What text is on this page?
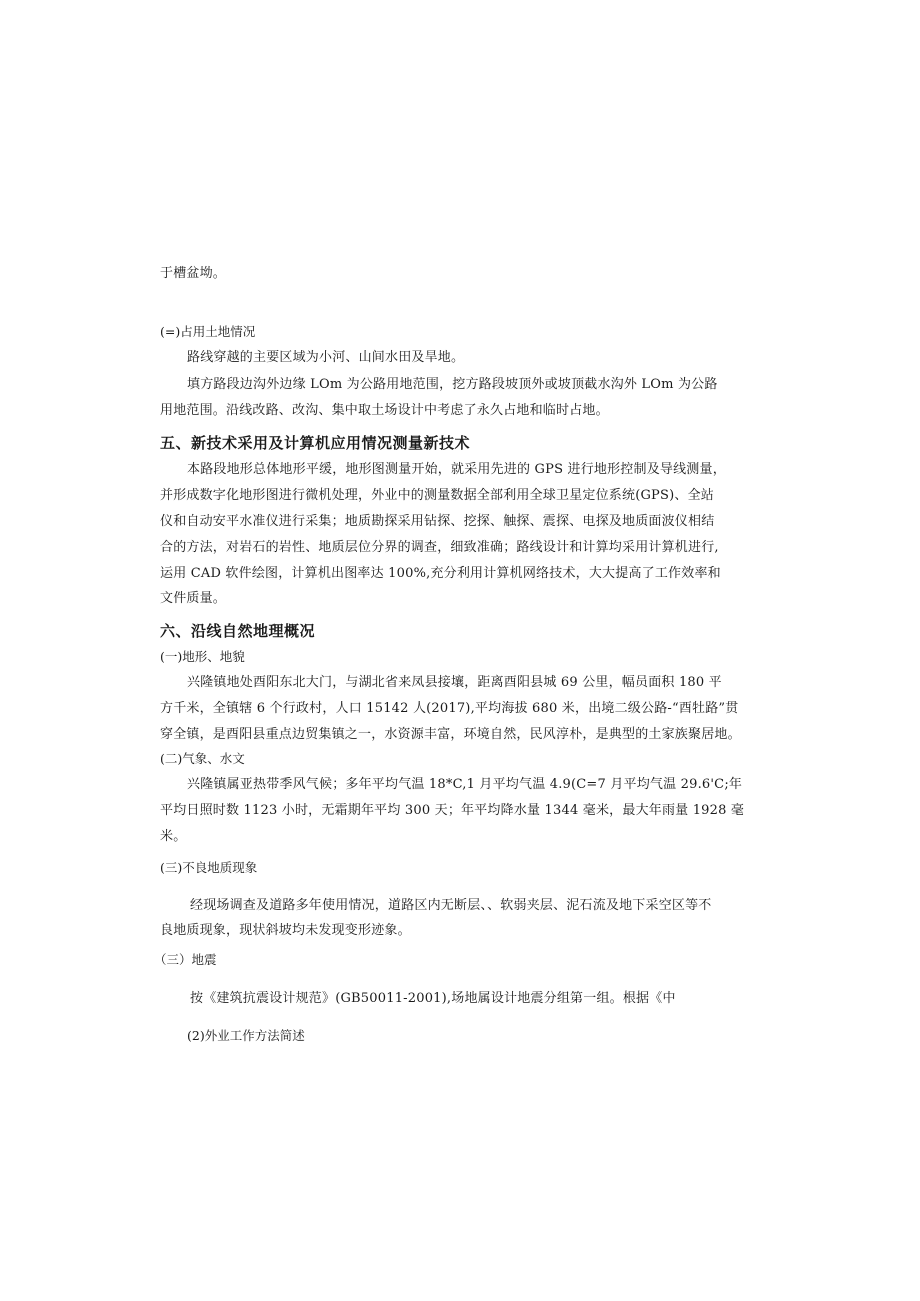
于槽盆坳。
(=)占用土地情况
路线穿越的主要区域为小河、山间水田及旱地。
填方路段边沟外边缘 LOm 为公路用地范围，挖方路段坡顶外或坡顶截水沟外 LOm 为公路
用地范围。沿线改路、改沟、集中取土场设计中考虑了永久占地和临时占地。
五、新技术采用及计算机应用情况测量新技术
本路段地形总体地形平缓，地形图测量开始，就采用先进的 GPS 进行地形控制及导线测量，
并形成数字化地形图进行微机处理，外业中的测量数据全部利用全球卫星定位系统(GPS)、全站
仪和自动安平水准仪进行采集；地质勘探采用钻探、挖探、触探、震探、电探及地质面波仪相结
合的方法，对岩石的岩性、地质层位分界的调查，细致准确；路线设计和计算均采用计算机进行,
运用 CAD 软件绘图，计算机出图率达 100%,充分利用计算机网络技术，大大提高了工作效率和
文件质量。
六、沿线自然地理概况
(一)地形、地貌
兴隆镇地处酉阳东北大门，与湖北省来凤县接壤，距离酉阳县城 69 公里，幅员面积 180 平
方千米，全镇辖 6 个行政村，人口 15142 人(2017),平均海拔 680 米，出境二级公路-“酉牡路”贯
穿全镇，是酉阳县重点边贸集镇之一，水资源丰富，环境自然，民风淳朴，是典型的土家族聚居地。
(二)气象、水文
兴隆镇属亚热带季风气候；多年平均气温 18*C,1 月平均气温 4.9(C=7 月平均气温 29.6'C;年
平均日照时数 1123 小时，无霜期年平均 300 天；年平均降水量 1344 毫米，最大年雨量 1928 毫
米。
(三)不良地质现象
经现场调查及道路多年使用情况，道路区内无断层、、软弱夹层、泥石流及地下采空区等不
良地质现象，现状斜坡均未发现变形迹象。
（三）地震
按《建筑抗震设计规范》(GB50011-2001),场地属设计地震分组第一组。根据《中
(2)外业工作方法简述
